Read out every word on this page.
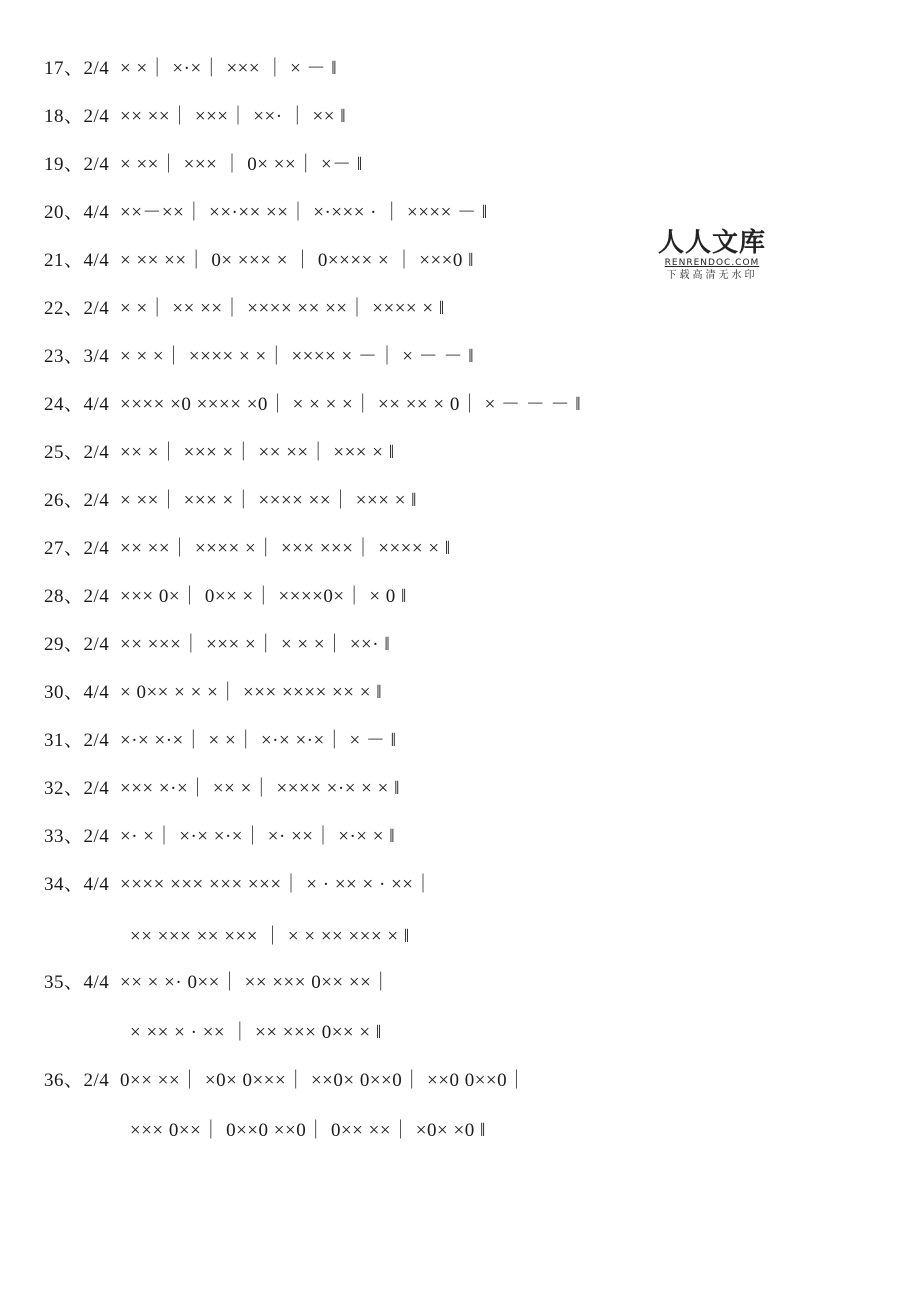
17、2/4 × ×｜ ×·×｜ ××× ｜ × － ‖
18、2/4 ×× ××｜ ×××｜ ××· ｜ ×× ‖
19、2/4× ××｜ ××× ｜ 0× ××｜ ×－ ‖
20、4/4 ××－××｜ ××·×× ××｜ ×·××× · ｜ ×××× － ‖
21、4/4 × ×× ××｜ 0× ××× × ｜ 0×××× × ｜ ×××0 ‖
22、2/4 × ×｜ ×× ××｜ ×××× ×× ××｜ ×××× × ‖
23、3/4 × × ×｜ ×××× × ×｜ ×××× × －｜ × － － ‖
24、4/4 ×××× ×0 ×××× ×0｜ × × × ×｜ ×× ×× × 0｜ × － － － ‖
25、2/4 ×× ×｜ ××× ×｜ ×× ××｜ ××× × ‖
26、2/4 × ××｜ ××× ×｜ ×××× ××｜ ××× × ‖
27、2/4 ×× ××｜ ×××× ×｜ ××× ×××｜ ×××× × ‖
28、2/4 ××× 0×｜ 0×× ×｜ ××××0×｜ × 0 ‖
29、2/4 ×× ×××｜ ××× ×｜ × × ×｜ ××· ‖
30、4/4 × 0×× × × ×｜ ××× ×××× ×× × ‖
31、2/4 ×·× ×·×｜ × ×｜ ×·× ×·×｜ × － ‖
32、2/4 ××× ×·×｜ ×× ×｜ ×××× ×·× × × ‖
33、2/4 ×· ×｜ ×·× ×·×｜ ×· ××｜ ×·× × ‖
34、4/4 ×××× ××× ××× ×××｜ × · ×× × · ××｜
×× ××× ×× ××× ｜ × × ×× ××× × ‖
35、4/4 ×× × ×· 0××｜ ×× ××× 0×× ××｜
× ×× × · ×× ｜ ×× ××× 0×× × ‖
36、2/40×× ××｜ ×0× 0×××｜ ××0× 0××0｜ ××0 0××0｜
××× 0××｜ 0××0 ××0｜ 0×× ××｜ ×0× ×0 ‖
人人文库
RENRENDOC.COM
下载高清无水印
